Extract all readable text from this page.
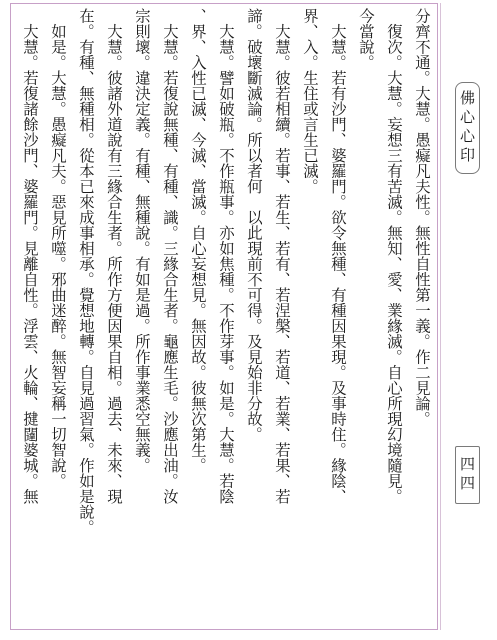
分齊不通。大慧。愚癡凡夫性。無性自性第一義。作二見論。
　復次。大慧。妄想三有苦滅。無知、愛、業緣滅。自心所現幻境隨見。
今當說。
　大慧。若有沙門、婆羅門。欲令無種、有種因果現。及事時住。緣陰、
界、入。生住或言生已滅。
　大慧。彼若相續。若事、若生、若有、若涅槃、若道、若業、若果、若
諦。破壞斷滅論。所以者何　以此現前不可得。及見始非分故。
　大慧。譬如破瓶。不作瓶事。亦如焦種。不作芽事。如是。大慧。若陰
、界、入性已滅、今滅、當滅。自心妄想見。無因故。彼無次第生。
　大慧。若復說無種、有種、識。三緣合生者。龜應生毛。沙應出油。汝
宗則壞。違決定義。有種、無種說。有如是過。所作事業悉空無義。
　大慧。彼諸外道說有三緣合生者。所作方便因果自相。過去、未來、現
在。有種、無種相。從本已來成事相承。覺想地轉。自見過習氣。作如是說。
　如是。大慧。愚癡凡夫。惡見所噬。邪曲迷醉。無智妄稱一切智說。
　大慧。若復諸餘沙門、婆羅門。見離自性。浮雲、火輪、揵闥婆城。無	佛心心印
四四
